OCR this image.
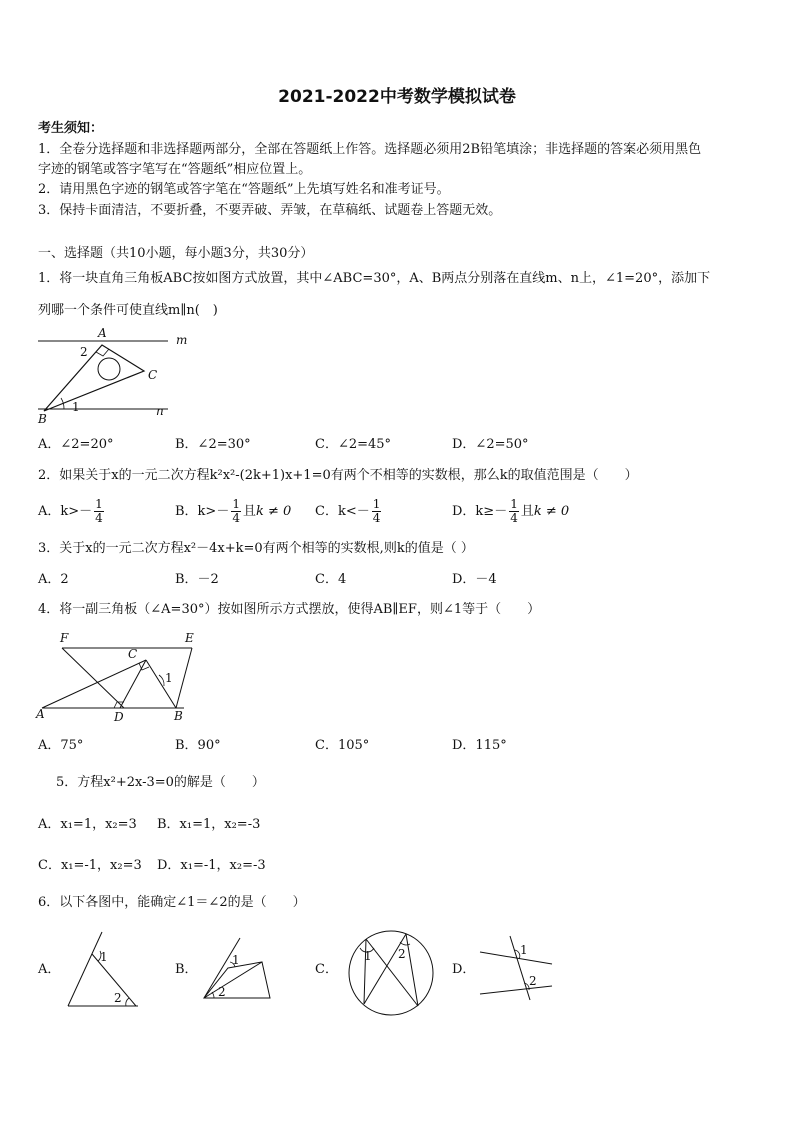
2021-2022中考数学模拟试卷
考生须知：
1．全卷分选择题和非选择题两部分，全部在答题纸上作答。选择题必须用2B铅笔填涂；非选择题的答案必须用黑色
字迹的钢笔或答字笔写在“答题纸”相应位置上。
2．请用黑色字迹的钢笔或答字笔在“答题纸”上先填写姓名和准考证号。
3．保持卡面清洁，不要折叠，不要弄破、弄皱，在草稿纸、试题卷上答题无效。
一、选择题（共10小题，每小题3分，共30分）
1．将一块直角三角板ABC按如图方式放置，其中∠ABC=30°，A、B两点分别落在直线m、n上，∠1=20°，添加下
列哪一个条件可使直线m∥n(　)
A
B
C
m
n
1
2
A．∠2=20°	B．∠2=30°	C．∠2=45°	D．∠2=50°
2．如果关于x的一元二次方程k²x²-(2k+1)x+1=0有两个不相等的实数根，那么k的取值范围是（　　）
A．$k>- \frac{1}{4}$	B．$k>- \frac{1}{4}$ 且k ≠ 0 C．$k<- \frac{1}{4}$	D．$k\ge- \frac{1}{4}$ 且k ≠ 0
3．关于x的一元二次方程x²－4x+k=0有两个相等的实数根,则k的值是（ ）
A．2	B．－2	C．4	D．－4
4．将一副三角板（∠A=30°）按如图所示方式摆放，使得AB∥EF，则∠1等于（　　）
F	E
C
A	D	B
1
A．75°	B．90°	C．105°	D．115°
5．方程x²+2x-3=0的解是（　　）
A．x₁=1，x₂=3 B．x₁=1，x₂=-3
C．x₁=-1，x₂=3 D．x₁=-1，x₂=-3
6．以下各图中，能确定∠1＝∠2的是（　　）
A．
1
2
B．
1
2
C．
1 2
D．
1
2
